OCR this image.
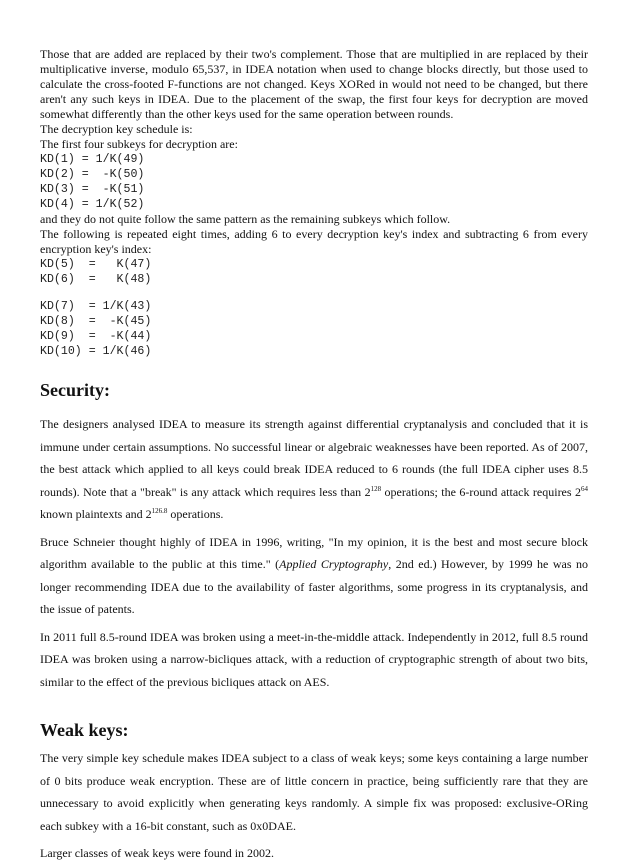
Those that are added are replaced by their two's complement. Those that are multiplied in are replaced by their multiplicative inverse, modulo 65,537, in IDEA notation when used to change blocks directly, but those used to calculate the cross-footed F-functions are not changed. Keys XORed in would not need to be changed, but there aren't any such keys in IDEA. Due to the placement of the swap, the first four keys for decryption are moved somewhat differently than the other keys used for the same operation between rounds.

The decryption key schedule is:

The first four subkeys for decryption are:

KD(1) = 1/K(49)

KD(2) =  -K(50)

KD(3) =  -K(51)

KD(4) = 1/K(52)

and they do not quite follow the same pattern as the remaining subkeys which follow.

The following is repeated eight times, adding 6 to every decryption key's index and subtracting 6 from every encryption key's index:

KD(5)  =   K(47)

KD(6)  =   K(48)

KD(7)  = 1/K(43)

KD(8)  =  -K(45)

KD(9)  =  -K(44)

KD(10) = 1/K(46)

Security:

The designers analysed IDEA to measure its strength against differential cryptanalysis and concluded that it is immune under certain assumptions. No successful linear or algebraic weaknesses have been reported. As of 2007, the best attack which applied to all keys could break IDEA reduced to 6 rounds (the full IDEA cipher uses 8.5 rounds). Note that a "break" is any attack which requires less than $2^{128}$ operations; the 6-round attack requires $2^{64}$ known plaintexts and $2^{126.8}$ operations.

Bruce Schneier thought highly of IDEA in 1996, writing, "In my opinion, it is the best and most secure block algorithm available to the public at this time." (Applied Cryptography, 2nd ed.) However, by 1999 he was no longer recommending IDEA due to the availability of faster algorithms, some progress in its cryptanalysis, and the issue of patents.

In 2011 full 8.5-round IDEA was broken using a meet-in-the-middle attack. Independently in 2012, full 8.5 round IDEA was broken using a narrow-bicliques attack, with a reduction of cryptographic strength of about two bits, similar to the effect of the previous bicliques attack on AES.

Weak keys:

The very simple key schedule makes IDEA subject to a class of weak keys; some keys containing a large number of 0 bits produce weak encryption. These are of little concern in practice, being sufficiently rare that they are unnecessary to avoid explicitly when generating keys randomly. A simple fix was proposed: exclusive-ORing each subkey with a 16-bit constant, such as 0x0DAE.

Larger classes of weak keys were found in 2002.
